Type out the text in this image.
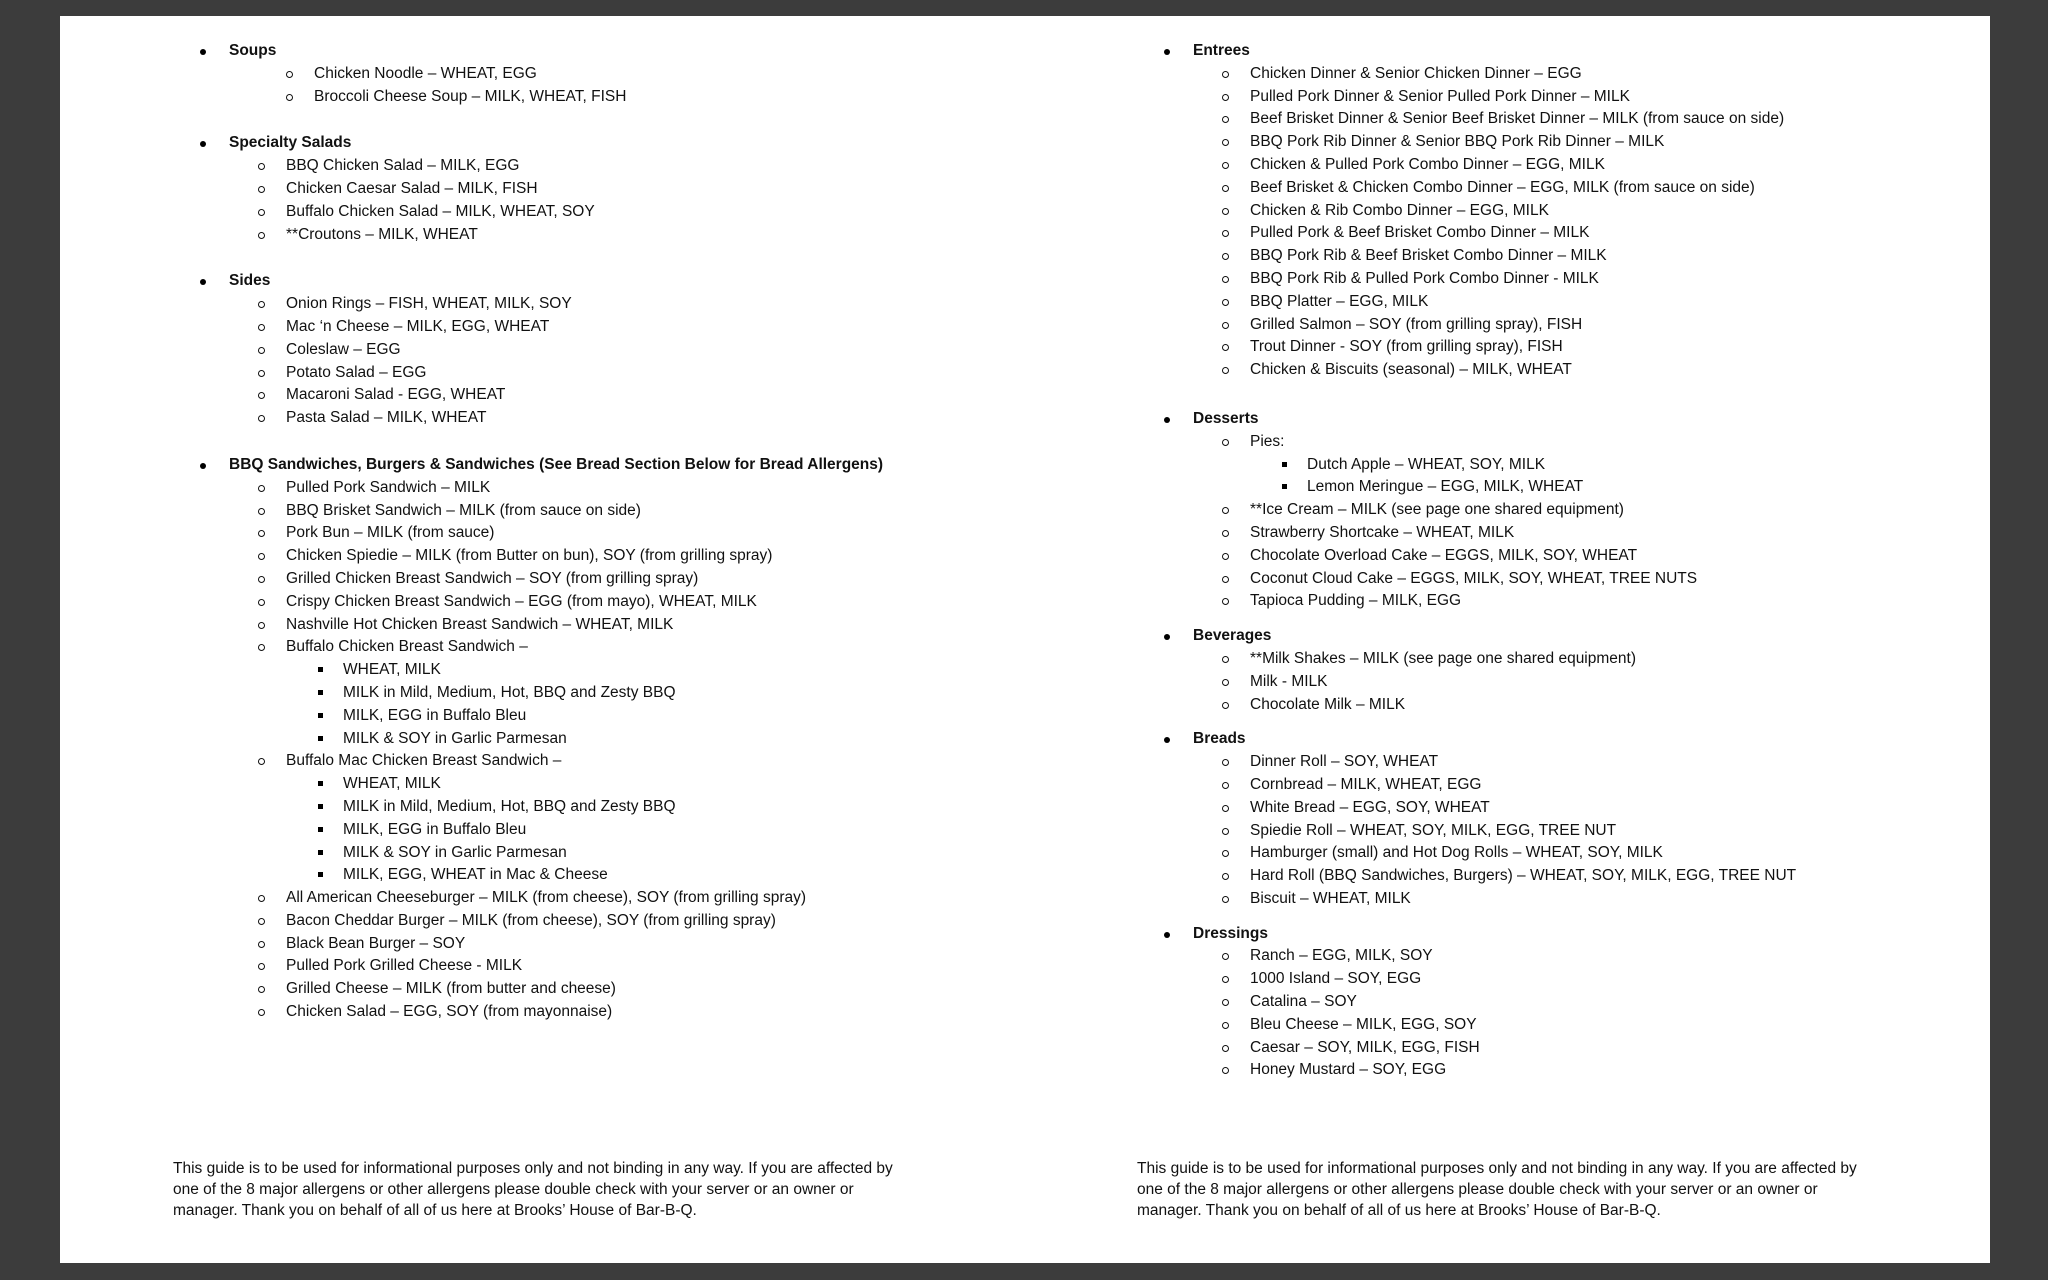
Soups
Chicken Noodle – WHEAT, EGG
Broccoli Cheese Soup – MILK, WHEAT, FISH
Specialty Salads
BBQ Chicken Salad – MILK, EGG
Chicken Caesar Salad – MILK, FISH
Buffalo Chicken Salad – MILK, WHEAT, SOY
**Croutons – MILK, WHEAT
Sides
Onion Rings – FISH, WHEAT, MILK, SOY
Mac ‘n Cheese – MILK, EGG, WHEAT
Coleslaw – EGG
Potato Salad – EGG
Macaroni Salad - EGG, WHEAT
Pasta Salad – MILK, WHEAT
BBQ Sandwiches, Burgers & Sandwiches (See Bread Section Below for Bread Allergens)
Pulled Pork Sandwich – MILK
BBQ Brisket Sandwich – MILK (from sauce on side)
Pork Bun – MILK (from sauce)
Chicken Spiedie – MILK (from Butter on bun), SOY (from grilling spray)
Grilled Chicken Breast Sandwich – SOY (from grilling spray)
Crispy Chicken Breast Sandwich – EGG (from mayo), WHEAT, MILK
Nashville Hot Chicken Breast Sandwich – WHEAT, MILK
Buffalo Chicken Breast Sandwich –
WHEAT, MILK
MILK in Mild, Medium, Hot, BBQ and Zesty BBQ
MILK, EGG in Buffalo Bleu
MILK & SOY in Garlic Parmesan
Buffalo Mac Chicken Breast Sandwich –
WHEAT, MILK
MILK in Mild, Medium, Hot, BBQ and Zesty BBQ
MILK, EGG in Buffalo Bleu
MILK & SOY in Garlic Parmesan
MILK, EGG, WHEAT in Mac & Cheese
All American Cheeseburger – MILK (from cheese), SOY (from grilling spray)
Bacon Cheddar Burger – MILK (from cheese), SOY (from grilling spray)
Black Bean Burger – SOY
Pulled Pork Grilled Cheese - MILK
Grilled Cheese – MILK (from butter and cheese)
Chicken Salad – EGG, SOY (from mayonnaise)
Entrees
Chicken Dinner & Senior Chicken Dinner – EGG
Pulled Pork Dinner & Senior Pulled Pork Dinner – MILK
Beef Brisket Dinner & Senior Beef Brisket Dinner – MILK (from sauce on side)
BBQ Pork Rib Dinner & Senior BBQ Pork Rib Dinner – MILK
Chicken & Pulled Pork Combo Dinner – EGG, MILK
Beef Brisket & Chicken Combo Dinner – EGG, MILK (from sauce on side)
Chicken & Rib Combo Dinner – EGG, MILK
Pulled Pork & Beef Brisket Combo Dinner – MILK
BBQ Pork Rib & Beef Brisket Combo Dinner – MILK
BBQ Pork Rib & Pulled Pork Combo Dinner - MILK
BBQ Platter – EGG, MILK
Grilled Salmon – SOY (from grilling spray), FISH
Trout Dinner - SOY (from grilling spray), FISH
Chicken & Biscuits (seasonal) – MILK, WHEAT
Desserts
Pies:
Dutch Apple – WHEAT, SOY, MILK
Lemon Meringue – EGG, MILK, WHEAT
**Ice Cream – MILK (see page one shared equipment)
Strawberry Shortcake – WHEAT, MILK
Chocolate Overload Cake – EGGS, MILK, SOY, WHEAT
Coconut Cloud Cake – EGGS, MILK, SOY, WHEAT, TREE NUTS
Tapioca Pudding – MILK, EGG
Beverages
**Milk Shakes – MILK (see page one shared equipment)
Milk - MILK
Chocolate Milk – MILK
Breads
Dinner Roll – SOY, WHEAT
Cornbread – MILK, WHEAT, EGG
White Bread – EGG, SOY, WHEAT
Spiedie Roll – WHEAT, SOY, MILK, EGG, TREE NUT
Hamburger (small) and Hot Dog Rolls – WHEAT, SOY, MILK
Hard Roll (BBQ Sandwiches, Burgers) – WHEAT, SOY, MILK, EGG, TREE NUT
Biscuit – WHEAT, MILK
Dressings
Ranch – EGG, MILK, SOY
1000 Island – SOY, EGG
Catalina – SOY
Bleu Cheese – MILK, EGG, SOY
Caesar – SOY, MILK, EGG, FISH
Honey Mustard – SOY, EGG

This guide is to be used for informational purposes only and not binding in any way. If you are affected by one of the 8 major allergens or other allergens please double check with your server or an owner or manager. Thank you on behalf of all of us here at Brooks’ House of Bar-B-Q.

This guide is to be used for informational purposes only and not binding in any way. If you are affected by one of the 8 major allergens or other allergens please double check with your server or an owner or manager. Thank you on behalf of all of us here at Brooks’ House of Bar-B-Q.
